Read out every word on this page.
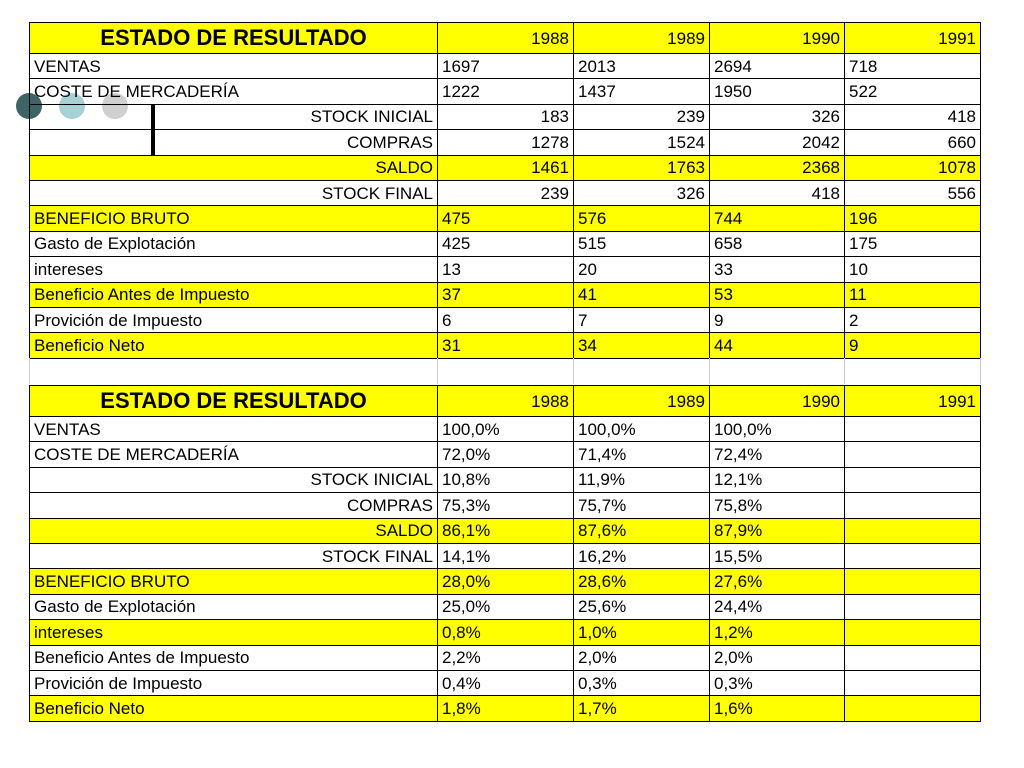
ESTADO DE RESULTADO	1988	1989	1990	1991
VENTAS	1697	2013	2694	718
COSTE DE MERCADERÍA	1222	1437	1950	522
STOCK INICIAL	183	239	326	418
COMPRAS	1278	1524	2042	660
SALDO	1461	1763	2368	1078
STOCK FINAL	239	326	418	556
BENEFICIO BRUTO	475	576	744	196
Gasto de Explotación	425	515	658	175
intereses	13	20	33	10
Beneficio Antes de Impuesto	37	41	53	11
Provición de Impuesto	6	7	9	2
Beneficio Neto	31	34	44	9
ESTADO DE RESULTADO	1988	1989	1990	1991
VENTAS	100,0%	100,0%	100,0%	
COSTE DE MERCADERÍA	72,0%	71,4%	72,4%	
STOCK INICIAL	10,8%	11,9%	12,1%	
COMPRAS	75,3%	75,7%	75,8%	
SALDO	86,1%	87,6%	87,9%	
STOCK FINAL	14,1%	16,2%	15,5%	
BENEFICIO BRUTO	28,0%	28,6%	27,6%	
Gasto de Explotación	25,0%	25,6%	24,4%	
intereses	0,8%	1,0%	1,2%	
Beneficio Antes de Impuesto	2,2%	2,0%	2,0%	
Provición de Impuesto	0,4%	0,3%	0,3%	
Beneficio Neto	1,8%	1,7%	1,6%	
